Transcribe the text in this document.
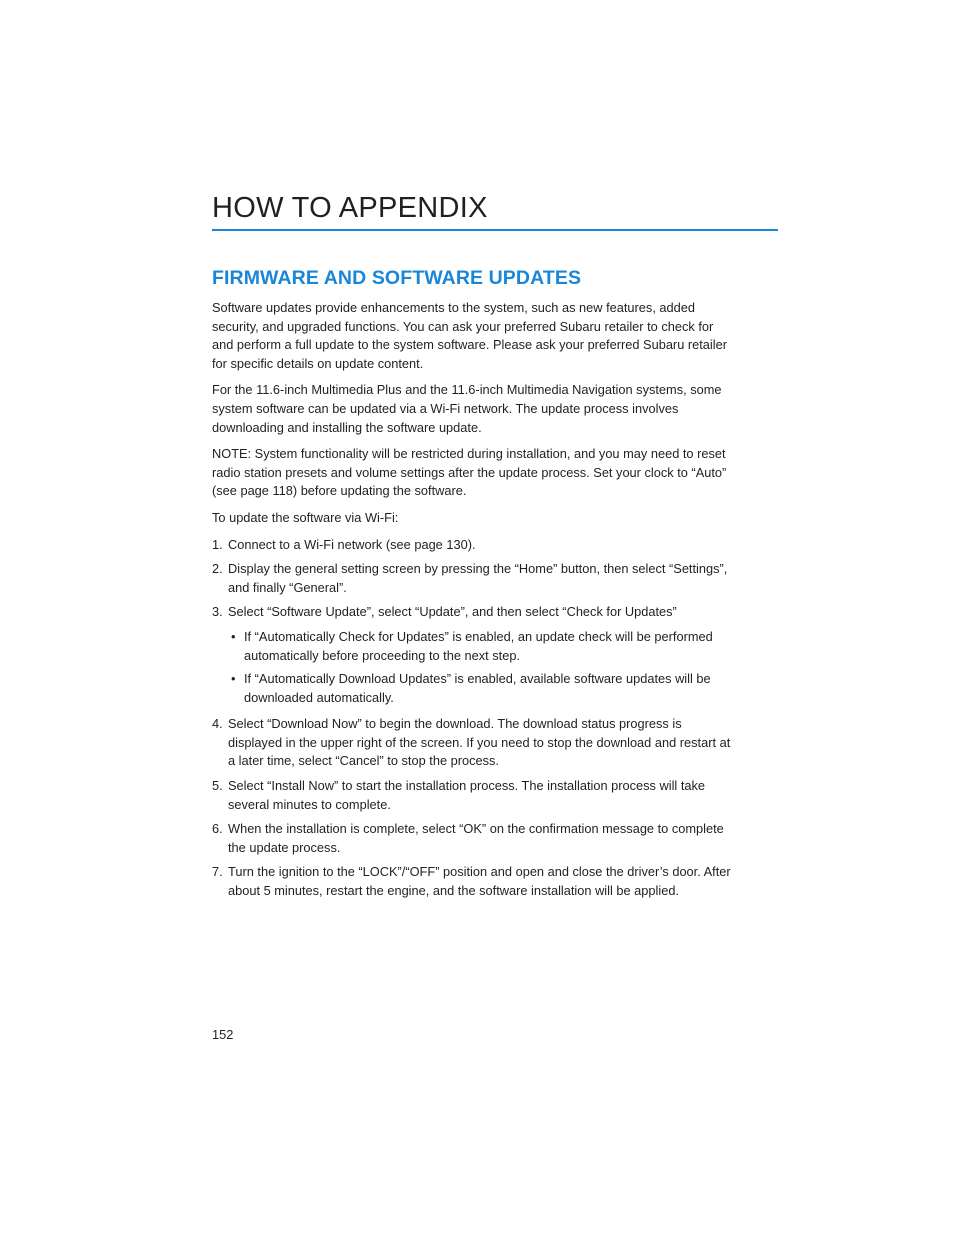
HOW TO APPENDIX
FIRMWARE AND SOFTWARE UPDATES

Software updates provide enhancements to the system, such as new features, added security, and upgraded functions. You can ask your preferred Subaru retailer to check for and perform a full update to the system software. Please ask your preferred Subaru retailer for specific details on update content.

For the 11.6-inch Multimedia Plus and the 11.6-inch Multimedia Navigation systems, some system software can be updated via a Wi-Fi network. The update process involves downloading and installing the software update.

NOTE: System functionality will be restricted during installation, and you may need to reset radio station presets and volume settings after the update process. Set your clock to “Auto” (see page 118) before updating the software.

To update the software via Wi-Fi:

1. Connect to a Wi-Fi network (see page 130).
2. Display the general setting screen by pressing the “Home” button, then select “Settings”, and finally “General”.
3. Select “Software Update”, select “Update”, and then select “Check for Updates”
• If “Automatically Check for Updates” is enabled, an update check will be performed automatically before proceeding to the next step.
• If “Automatically Download Updates” is enabled, available software updates will be downloaded automatically.
4. Select “Download Now” to begin the download. The download status progress is displayed in the upper right of the screen. If you need to stop the download and restart at a later time, select “Cancel” to stop the process.
5. Select “Install Now” to start the installation process. The installation process will take several minutes to complete.
6. When the installation is complete, select “OK” on the confirmation message to complete the update process.
7. Turn the ignition to the “LOCK”/“OFF” position and open and close the driver’s door. After about 5 minutes, restart the engine, and the software installation will be applied.
152
